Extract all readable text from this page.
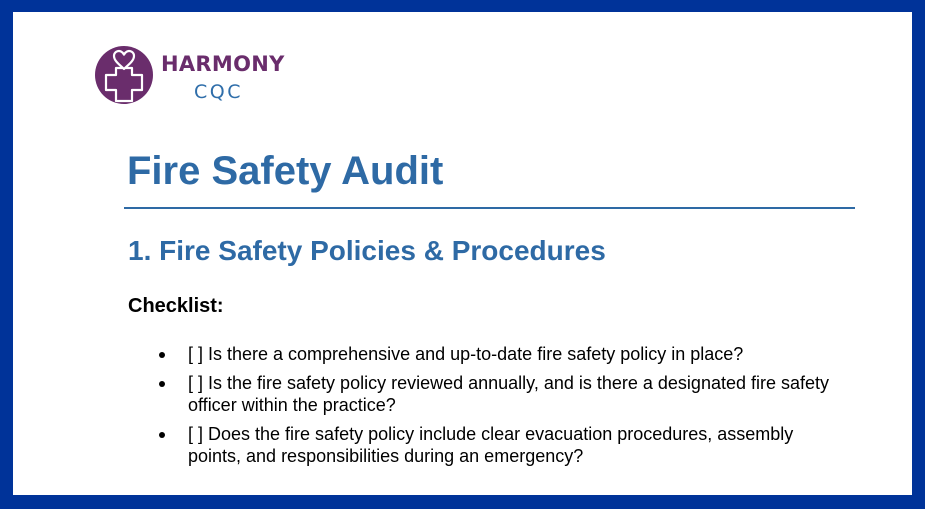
HARMONY
CQC
Fire Safety Audit
1. Fire Safety Policies & Procedures
Checklist:
[ ] Is there a comprehensive and up-to-date fire safety policy in place?
[ ] Is the fire safety policy reviewed annually, and is there a designated fire safety officer within the practice?
[ ] Does the fire safety policy include clear evacuation procedures, assembly points, and responsibilities during an emergency?
